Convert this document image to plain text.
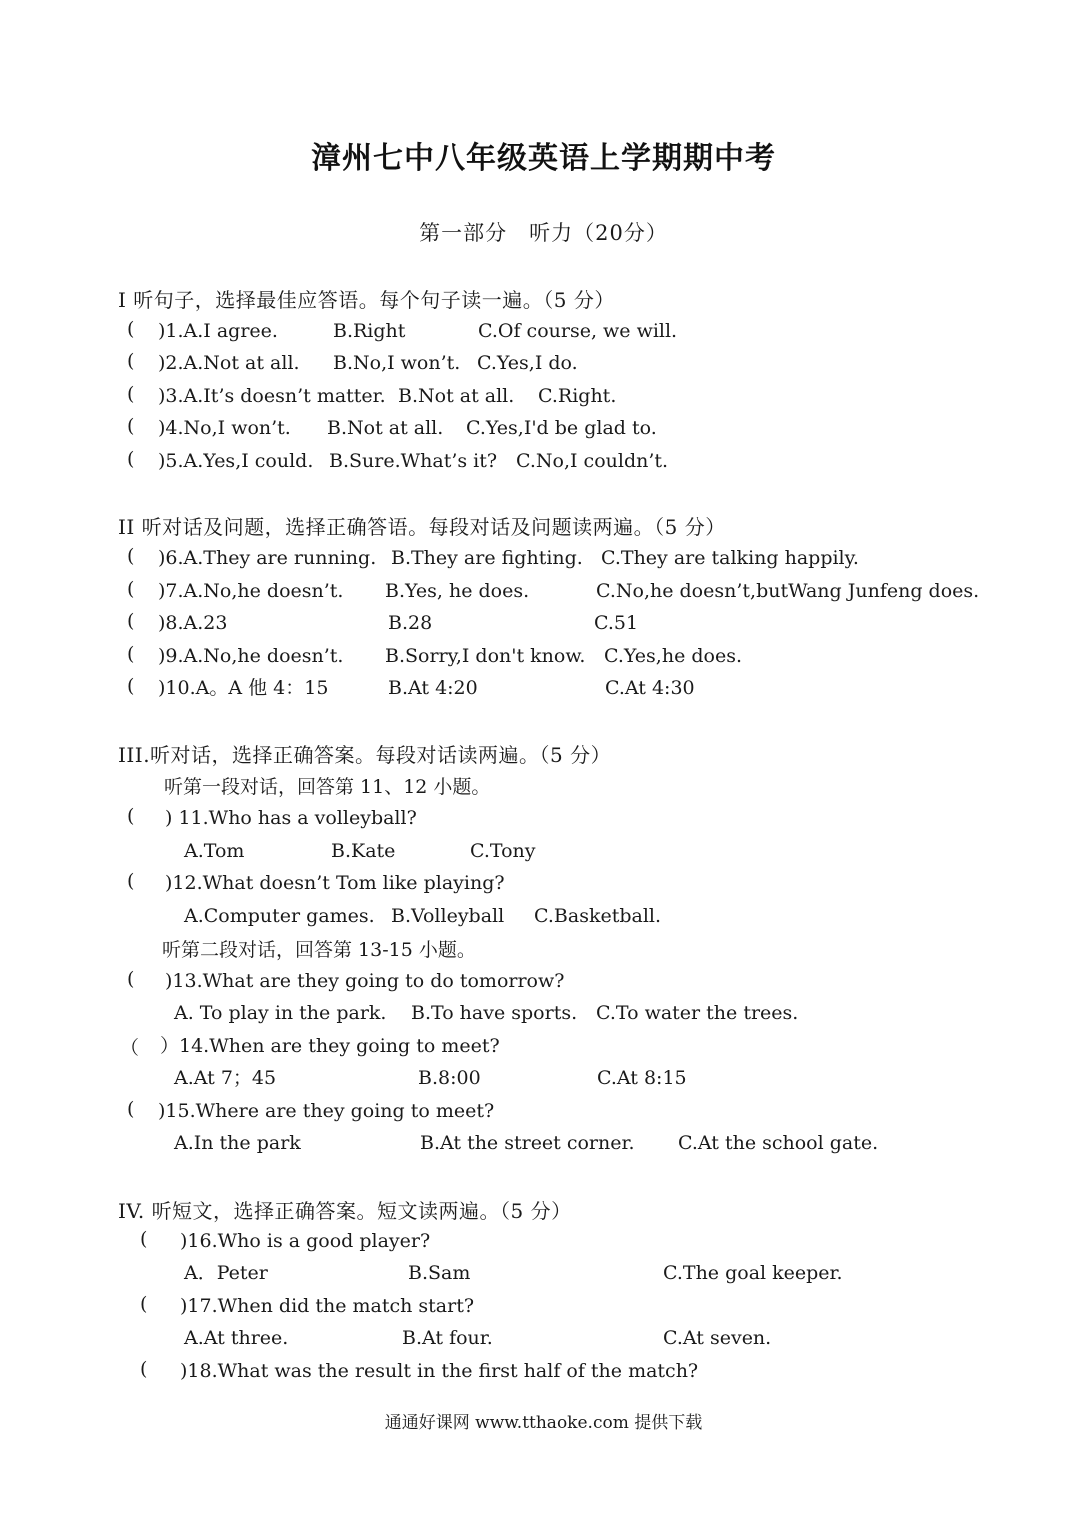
漳州七中八年级英语上学期期中考
第一部分　听力（20分）
I 听句子，选择最佳应答语。每个句子读一遍。（5 分）
( )1.A.I agree.	B.Right	C.Of course, we will.
( )2.A.Not at all. B.No,I won’t. C.Yes,I do.
( )3.A.It’s doesn’t matter. B.Not at all. C.Right.
( )4.No,I won’t. B.Not at all. C.Yes,I'd be glad to.
( )5.A.Yes,I could. B.Sure.What’s it? C.No,I couldn’t.
II 听对话及问题，选择正确答语。每段对话及问题读两遍。（5 分）
( )6.A.They are running. B.They are fighting. C.They are talking happily.
( )7.A.No,he doesn’t. B.Yes, he does.	C.No,he doesn’t,butWang Junfeng does.
( )8.A.23	B.28	C.51
( )9.A.No,he doesn’t. B.Sorry,I don't know. C.Yes,he does.
( )10.A。A 他 4：15	B.At 4:20	C.At 4:30
III.听对话，选择正确答案。每段对话读两遍。（5 分）
听第一段对话，回答第 11、12 小题。
( ) 11.Who has a volleyball?
A.Tom	B.Kate	C.Tony
( )12.What doesn’t Tom like playing?
A.Computer games. B.Volleyball C.Basketball.
听第二段对话，回答第 13-15 小题。
( )13.What are they going to do tomorrow?
A. To play in the park. B.To have sports. C.To water the trees.
（ ）14.When are they going to meet?
A.At 7；45	B.8:00	C.At 8:15
( )15.Where are they going to meet?
A.In the park	B.At the street corner. C.At the school gate.
IV. 听短文，选择正确答案。短文读两遍。（5 分）
( )16.Who is a good player?
A．Peter	B.Sam	C.The goal keeper.
( )17.When did the match start?
A.At three.	B.At four.	C.At seven.
( )18.What was the result in the first half of the match?
通通好课网 www.tthaoke.com 提供下载
